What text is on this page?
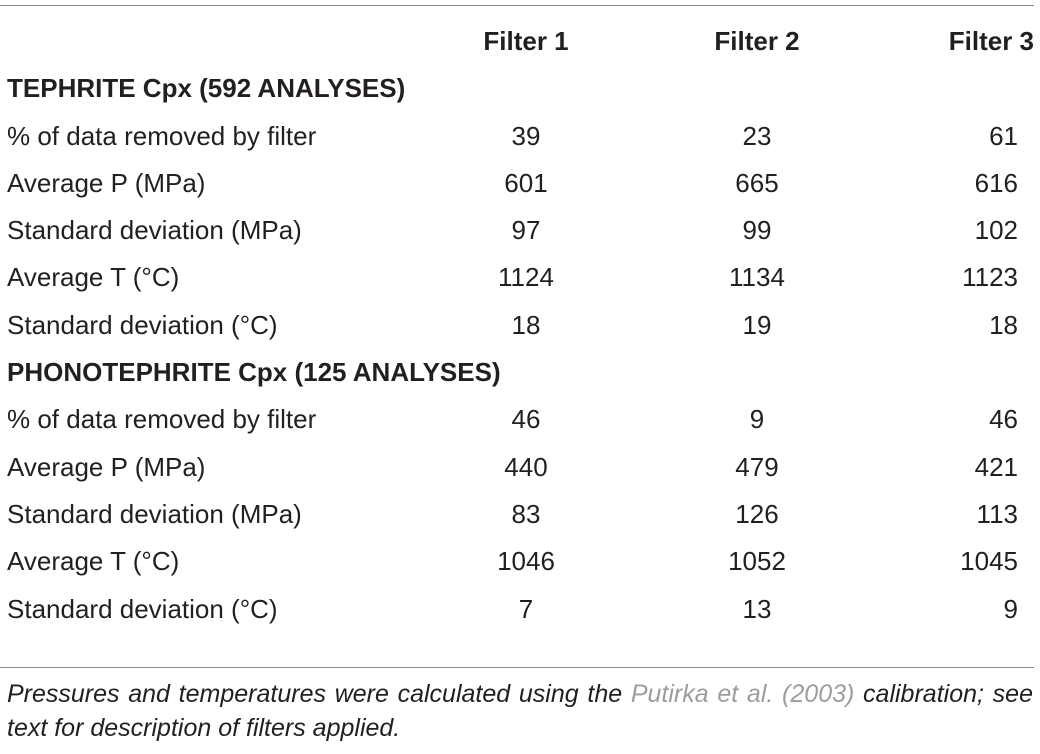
	Filter 1	Filter 2	Filter 3
TEPHRITE Cpx (592 ANALYSES)			
% of data removed by filter	39	23	61
Average P (MPa)	601	665	616
Standard deviation (MPa)	97	99	102
Average T (°C)	1124	1134	1123
Standard deviation (°C)	18	19	18
PHONOTEPHRITE Cpx (125 ANALYSES)			
% of data removed by filter	46	9	46
Average P (MPa)	440	479	421
Standard deviation (MPa)	83	126	113
Average T (°C)	1046	1052	1045
Standard deviation (°C)	7	13	9

Pressures and temperatures were calculated using the Putirka et al. (2003) calibration; see text for description of filters applied.
